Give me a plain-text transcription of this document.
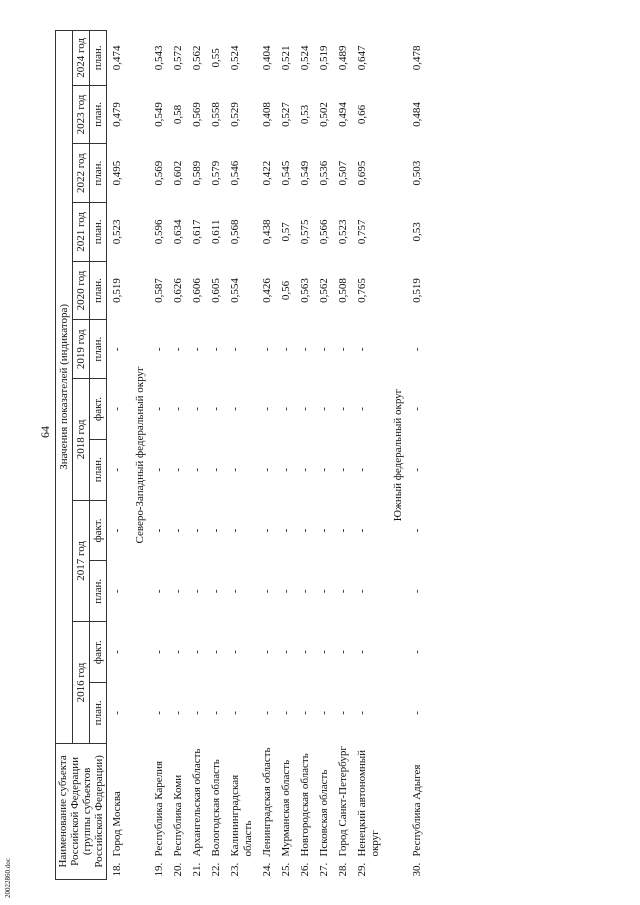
64
Наименование субъекта Российской Федерации (группы субъектов Российской Федерации)		Значения показателей (индикатора)											
		2016 год		2017 год		2018 год		2019 год	2020 год	2021 год	2022 год	2023 год	2024 год
		план.	факт.	план.	факт.	план.	факт.	план.	план.	план.	план.	план.	план.

18.	Город Москва	-	-	-	-	-	-	-	0,519	0,523	0,495	0,479	0,474

Северо-Западный федеральный округ													
19.	Республика Карелия	-	-	-	-	-	-	-	0,587	0,596	0,569	0,549	0,543

20.	Республика Коми	-	-	-	-	-	-	-	0,626	0,634	0,602	0,58	0,572

21.	Архангельская область	-	-	-	-	-	-	-	0,606	0,617	0,589	0,569	0,562

22.	Вологодская область	-	-	-	-	-	-	-	0,605	0,611	0,579	0,558	0,55

23.	Калининградская область	-	-	-	-	-	-	-	0,554	0,568	0,546	0,529	0,524

24.	Ленинградская область	-	-	-	-	-	-	-	0,426	0,438	0,422	0,408	0,404

25.	Мурманская область	-	-	-	-	-	-	-	0,56	0,57	0,545	0,527	0,521

26.	Новгородская область	-	-	-	-	-	-	-	0,563	0,575	0,549	0,53	0,524

27.	Псковская область	-	-	-	-	-	-	-	0,562	0,566	0,536	0,502	0,519

28.	Город Санкт-Петербург	-	-	-	-	-	-	-	0,508	0,523	0,507	0,494	0,489

29.	Ненецкий автономный округ	-	-	-	-	-	-	-	0,765	0,757	0,695	0,66	0,647

Южный федеральный округ													
30.	Республика Адыгея	-	-	-	-	-	-	-	0,519	0,53	0,503	0,484	0,478

20022860.doc
